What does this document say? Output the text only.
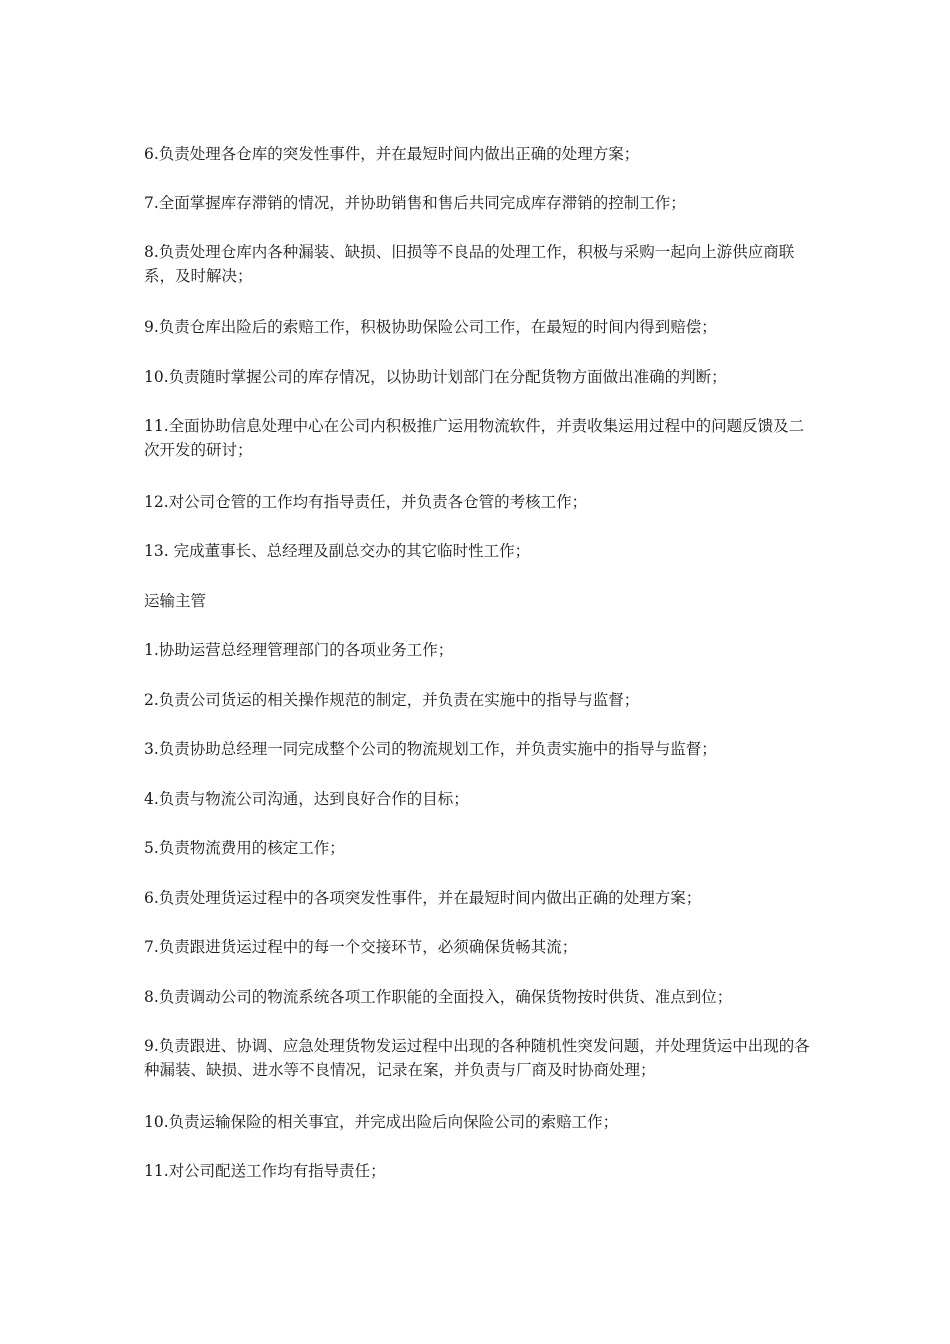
6.负责处理各仓库的突发性事件，并在最短时间内做出正确的处理方案；

7.全面掌握库存滞销的情况，并协助销售和售后共同完成库存滞销的控制工作；

8.负责处理仓库内各种漏装、缺损、旧损等不良品的处理工作，积极与采购一起向上游供应商联系，及时解决；

9.负责仓库出险后的索赔工作，积极协助保险公司工作，在最短的时间内得到赔偿；

10.负责随时掌握公司的库存情况，以协助计划部门在分配货物方面做出准确的判断；

11.全面协助信息处理中心在公司内积极推广运用物流软件，并责收集运用过程中的问题反馈及二次开发的研讨；

12.对公司仓管的工作均有指导责任，并负责各仓管的考核工作；

13. 完成董事长、总经理及副总交办的其它临时性工作；

运输主管

1.协助运营总经理管理部门的各项业务工作；

2.负责公司货运的相关操作规范的制定，并负责在实施中的指导与监督；

3.负责协助总经理一同完成整个公司的物流规划工作，并负责实施中的指导与监督；

4.负责与物流公司沟通，达到良好合作的目标；

5.负责物流费用的核定工作；

6.负责处理货运过程中的各项突发性事件，并在最短时间内做出正确的处理方案；

7.负责跟进货运过程中的每一个交接环节，必须确保货畅其流；

8.负责调动公司的物流系统各项工作职能的全面投入，确保货物按时供货、准点到位；

9.负责跟进、协调、应急处理货物发运过程中出现的各种随机性突发问题，并处理货运中出现的各种漏装、缺损、进水等不良情况，记录在案，并负责与厂商及时协商处理；

10.负责运输保险的相关事宜，并完成出险后向保险公司的索赔工作；

11.对公司配送工作均有指导责任；
